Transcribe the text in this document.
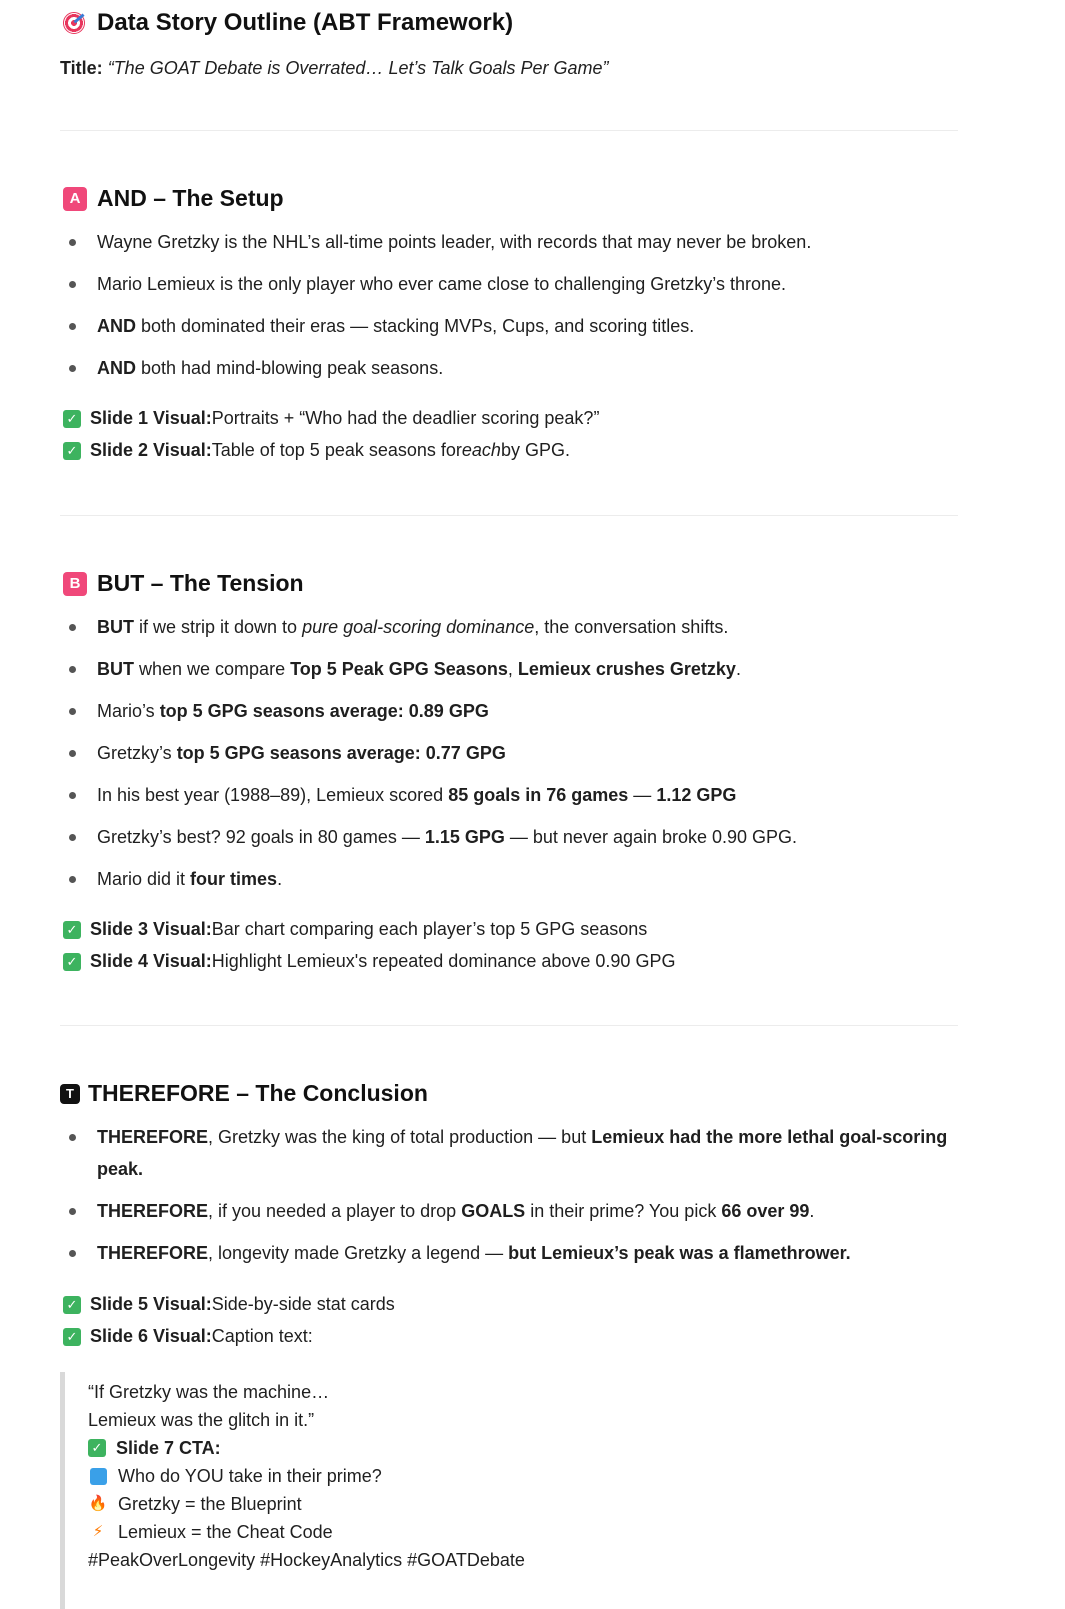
Data Story Outline (ABT Framework)
Title: “The GOAT Debate is Overrated… Let’s Talk Goals Per Game”
A AND – The Setup
Wayne Gretzky is the NHL’s all-time points leader, with records that may never be broken.
Mario Lemieux is the only player who ever came close to challenging Gretzky’s throne.
AND both dominated their eras — stacking MVPs, Cups, and scoring titles.
AND both had mind-blowing peak seasons.
✓ Slide 1 Visual: Portraits + “Who had the deadlier scoring peak?”
✓ Slide 2 Visual: Table of top 5 peak seasons for each by GPG.
B BUT – The Tension
BUT if we strip it down to pure goal-scoring dominance, the conversation shifts.
BUT when we compare Top 5 Peak GPG Seasons, Lemieux crushes Gretzky.
Mario’s top 5 GPG seasons average: 0.89 GPG
Gretzky’s top 5 GPG seasons average: 0.77 GPG
In his best year (1988–89), Lemieux scored 85 goals in 76 games — 1.12 GPG
Gretzky’s best? 92 goals in 80 games — 1.15 GPG — but never again broke 0.90 GPG.
Mario did it four times.
✓ Slide 3 Visual: Bar chart comparing each player’s top 5 GPG seasons
✓ Slide 4 Visual: Highlight Lemieux's repeated dominance above 0.90 GPG
T THEREFORE – The Conclusion
THEREFORE, Gretzky was the king of total production — but Lemieux had the more lethal goal-scoring peak.
THEREFORE, if you needed a player to drop GOALS in their prime? You pick 66 over 99.
THEREFORE, longevity made Gretzky a legend — but Lemieux’s peak was a flamethrower.
✓ Slide 5 Visual: Side-by-side stat cards
✓ Slide 6 Visual: Caption text:
“If Gretzky was the machine…
Lemieux was the glitch in it.”
✓ Slide 7 CTA:
Who do YOU take in their prime?
🔥 Gretzky = the Blueprint
⚡ Lemieux = the Cheat Code
#PeakOverLongevity #HockeyAnalytics #GOATDebate
